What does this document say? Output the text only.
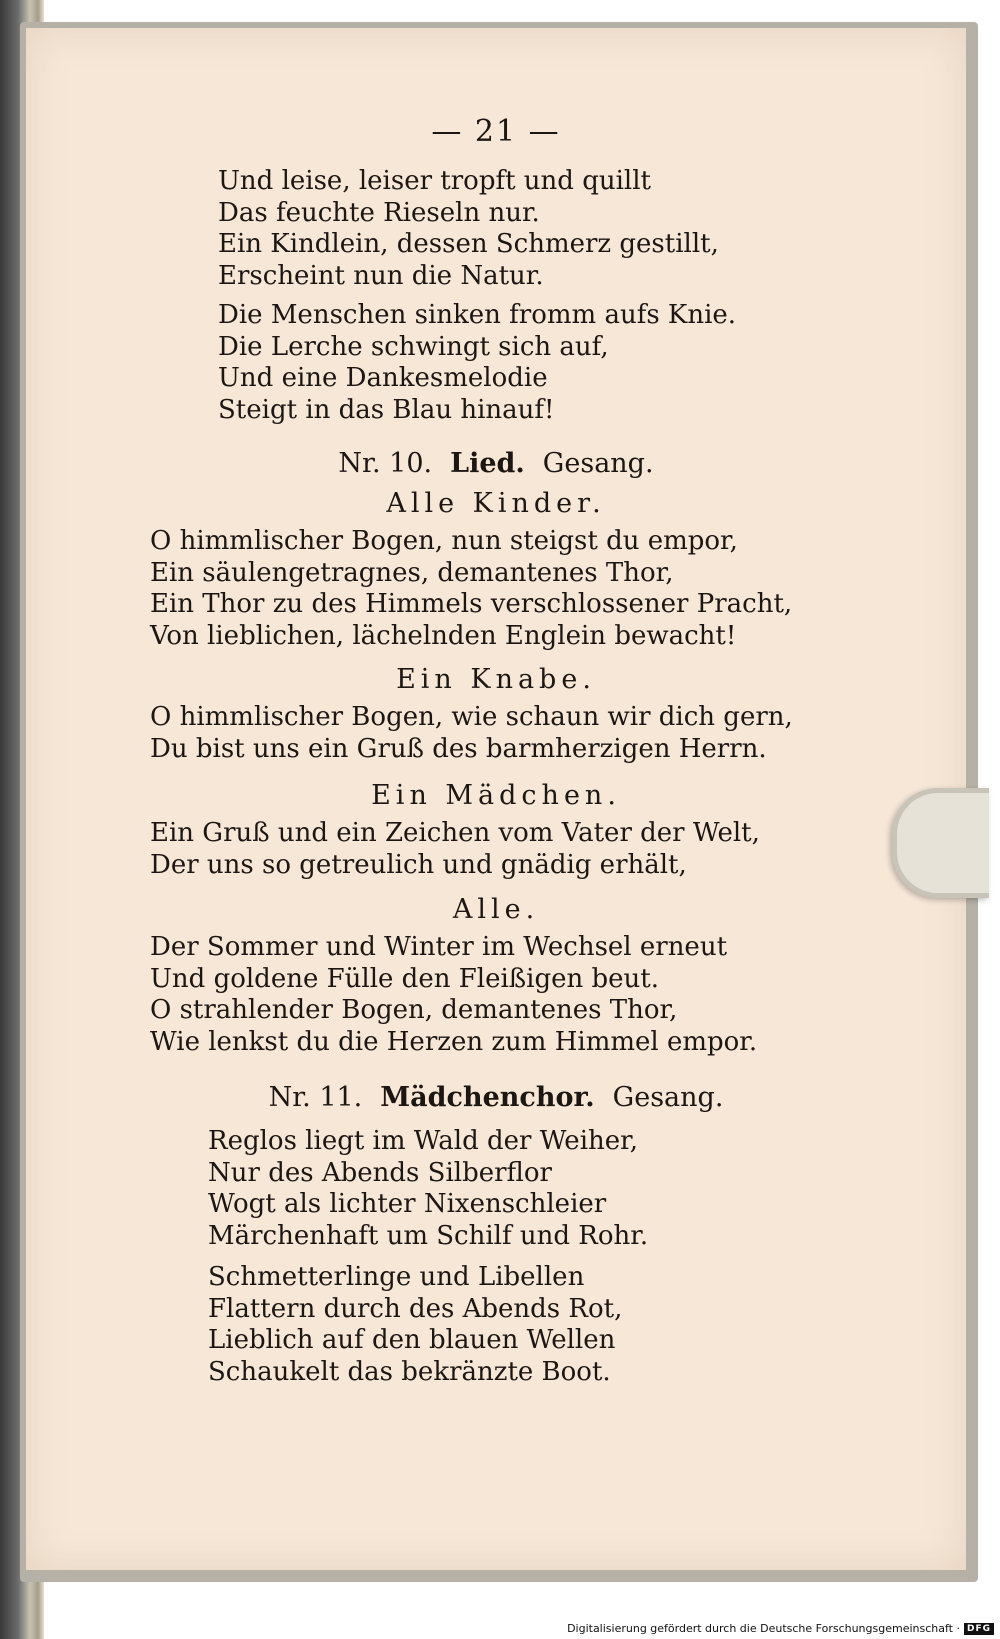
— 21 —
Und leise, leiser tropft und quillt
Das feuchte Rieseln nur.
Ein Kindlein, dessen Schmerz gestillt,
Erscheint nun die Natur.
Die Menschen sinken fromm aufs Knie.
Die Lerche schwingt sich auf,
Und eine Dankesmelodie
Steigt in das Blau hinauf!
Nr. 10. Lied. Gesang.
Alle Kinder.
O himmlischer Bogen, nun steigst du empor,
Ein säulengetragnes, demantenes Thor,
Ein Thor zu des Himmels verschlossener Pracht,
Von lieblichen, lächelnden Englein bewacht!
Ein Knabe.
O himmlischer Bogen, wie schaun wir dich gern,
Du bist uns ein Gruß des barmherzigen Herrn.
Ein Mädchen.
Ein Gruß und ein Zeichen vom Vater der Welt,
Der uns so getreulich und gnädig erhält,
Alle.
Der Sommer und Winter im Wechsel erneut
Und goldene Fülle den Fleißigen beut.
O strahlender Bogen, demantenes Thor,
Wie lenkst du die Herzen zum Himmel empor.
Nr. 11. Mädchenchor. Gesang.
Reglos liegt im Wald der Weiher,
Nur des Abends Silberflor
Wogt als lichter Nixenschleier
Märchenhaft um Schilf und Rohr.
Schmetterlinge und Libellen
Flattern durch des Abends Rot,
Lieblich auf den blauen Wellen
Schaukelt das bekränzte Boot.
Digitalisierung gefördert durch die Deutsche Forschungsgemeinschaft · DFG
